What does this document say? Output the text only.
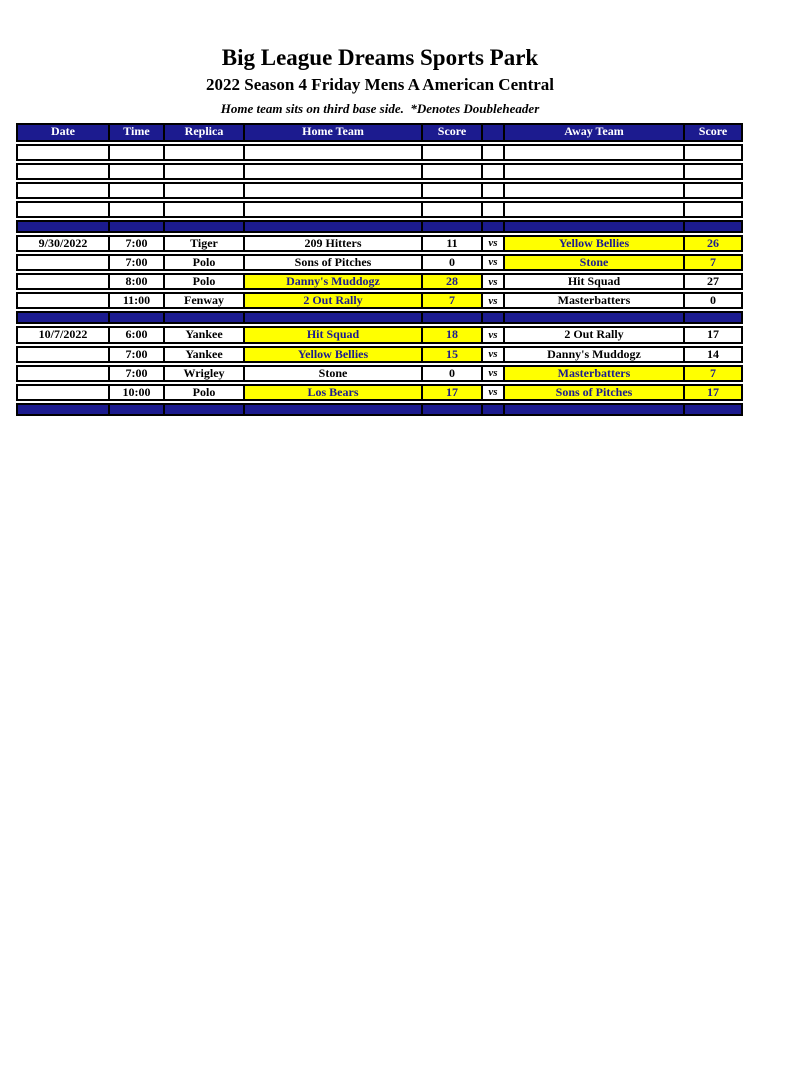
Big League Dreams Sports Park
2022 Season 4 Friday Mens A American Central
Home team sits on third base side.  *Denotes Doubleheader
Date	Time	Replica	Home Team	Score		Away Team	Score

9/30/2022	7:00	Tiger	209 Hitters	11	vs	Yellow Bellies	26
	7:00	Polo	Sons of Pitches	0	vs	Stone	7
	8:00	Polo	Danny's Muddogz	28	vs	Hit Squad	27
	11:00	Fenway	2 Out Rally	7	vs	Masterbatters	0

10/7/2022	6:00	Yankee	Hit Squad	18	vs	2 Out Rally	17
	7:00	Yankee	Yellow Bellies	15	vs	Danny's Muddogz	14
	7:00	Wrigley	Stone	0	vs	Masterbatters	7
	10:00	Polo	Los Bears	17	vs	Sons of Pitches	17
